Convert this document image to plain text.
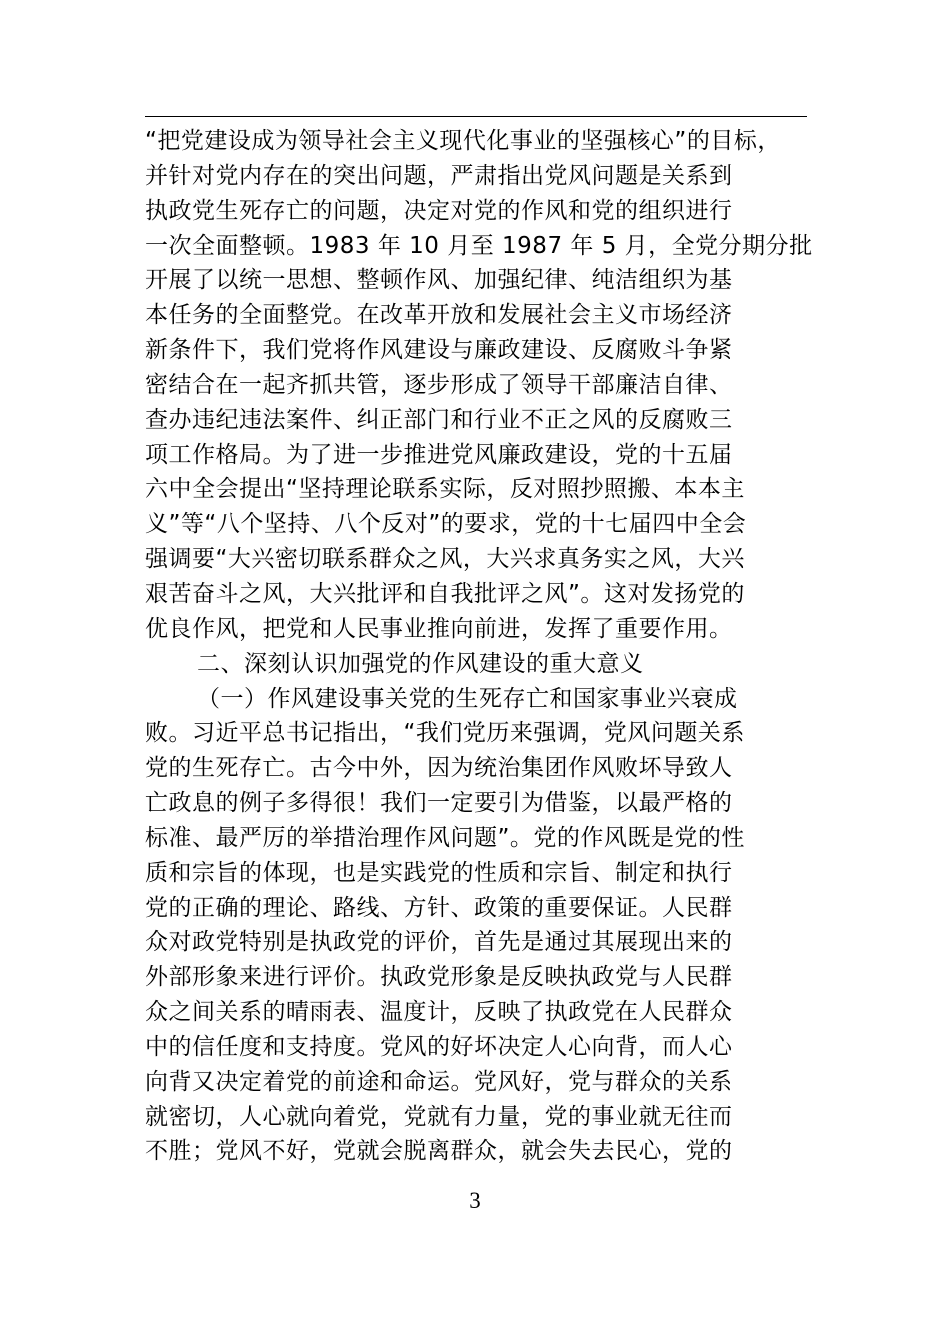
“把党建设成为领导社会主义现代化事业的坚强核心”的目标，
并针对党内存在的突出问题，严肃指出党风问题是关系到
执政党生死存亡的问题，决定对党的作风和党的组织进行
一次全面整顿。1983 年 10 月至 1987 年 5 月，全党分期分批
开展了以统一思想、整顿作风、加强纪律、纯洁组织为基
本任务的全面整党。在改革开放和发展社会主义市场经济
新条件下，我们党将作风建设与廉政建设、反腐败斗争紧
密结合在一起齐抓共管，逐步形成了领导干部廉洁自律、
查办违纪违法案件、纠正部门和行业不正之风的反腐败三
项工作格局。为了进一步推进党风廉政建设，党的十五届
六中全会提出“坚持理论联系实际，反对照抄照搬、本本主
义”等“八个坚持、八个反对”的要求，党的十七届四中全会
强调要“大兴密切联系群众之风，大兴求真务实之风，大兴
艰苦奋斗之风，大兴批评和自我批评之风”。这对发扬党的
优良作风，把党和人民事业推向前进，发挥了重要作用。
二、深刻认识加强党的作风建设的重大意义
（一）作风建设事关党的生死存亡和国家事业兴衰成
败。习近平总书记指出，“我们党历来强调，党风问题关系
党的生死存亡。古今中外，因为统治集团作风败坏导致人
亡政息的例子多得很！我们一定要引为借鉴，以最严格的
标准、最严厉的举措治理作风问题”。党的作风既是党的性
质和宗旨的体现，也是实践党的性质和宗旨、制定和执行
党的正确的理论、路线、方针、政策的重要保证。人民群
众对政党特别是执政党的评价，首先是通过其展现出来的
外部形象来进行评价。执政党形象是反映执政党与人民群
众之间关系的晴雨表、温度计，反映了执政党在人民群众
中的信任度和支持度。党风的好坏决定人心向背，而人心
向背又决定着党的前途和命运。党风好，党与群众的关系
就密切，人心就向着党，党就有力量，党的事业就无往而
不胜；党风不好，党就会脱离群众，就会失去民心，党的
3
